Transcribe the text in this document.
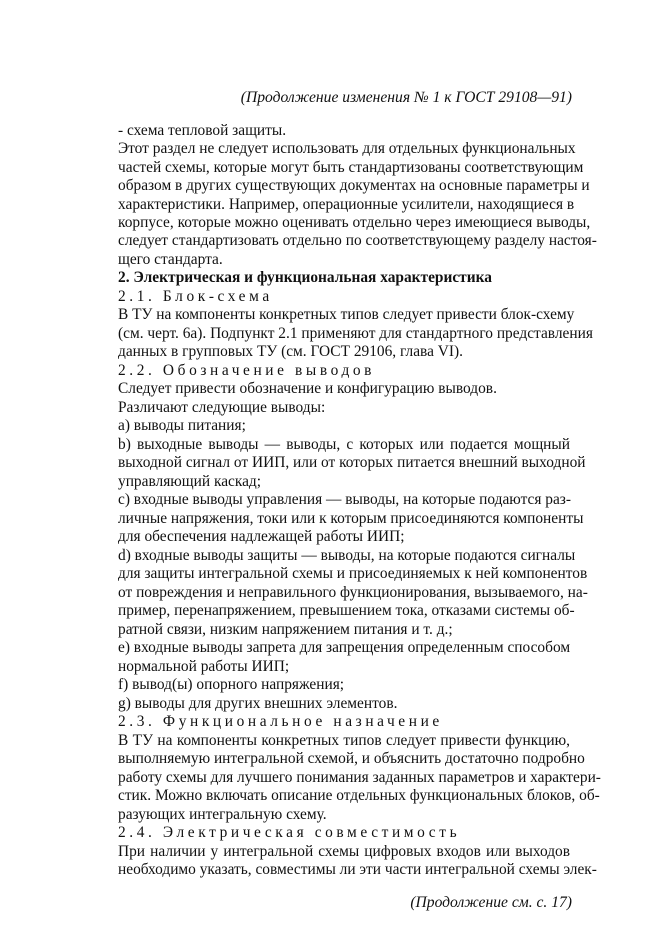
(Продолжение изменения № 1 к ГОСТ 29108—91)
- схема тепловой защиты.
Этот раздел не следует использовать для отдельных функциональных
частей схемы, которые могут быть стандартизованы соответствующим
образом в других существующих документах на основные параметры и
характеристики. Например, операционные усилители, находящиеся в
корпусе, которые можно оценивать отдельно через имеющиеся выводы,
следует стандартизовать отдельно по соответствующему разделу настоя-
щего стандарта.
2. Электрическая и функциональная характеристика
2.1. Блок-схема
В ТУ на компоненты конкретных типов следует привести блок-схему
(см. черт. 6а). Подпункт 2.1 применяют для стандартного представления
данных в групповых ТУ (см. ГОСТ 29106, глава VI).
2.2. Обозначение выводов
Следует привести обозначение и конфигурацию выводов.
Различают следующие выводы:
а) выводы питания;
b) выходные выводы — выводы, с которых или подается мощный
выходной сигнал от ИИП, или от которых питается внешний выходной
управляющий каскад;
с) входные выводы управления — выводы, на которые подаются раз-
личные напряжения, токи или к которым присоединяются компоненты
для обеспечения надлежащей работы ИИП;
d) входные выводы защиты — выводы, на которые подаются сигналы
для защиты интегральной схемы и присоединяемых к ней компонентов
от повреждения и неправильного функционирования, вызываемого, на-
пример, перенапряжением, превышением тока, отказами системы об-
ратной связи, низким напряжением питания и т. д.;
е) входные выводы запрета для запрещения определенным способом
нормальной работы ИИП;
f) вывод(ы) опорного напряжения;
g) выводы для других внешних элементов.
2.3. Функциональное назначение
В ТУ на компоненты конкретных типов следует привести функцию,
выполняемую интегральной схемой, и объяснить достаточно подробно
работу схемы для лучшего понимания заданных параметров и характери-
стик. Можно включать описание отдельных функциональных блоков, об-
разующих интегральную схему.
2.4. Электрическая совместимость
При наличии у интегральной схемы цифровых входов или выходов
необходимо указать, совместимы ли эти части интегральной схемы элек-
(Продолжение см. с. 17)
